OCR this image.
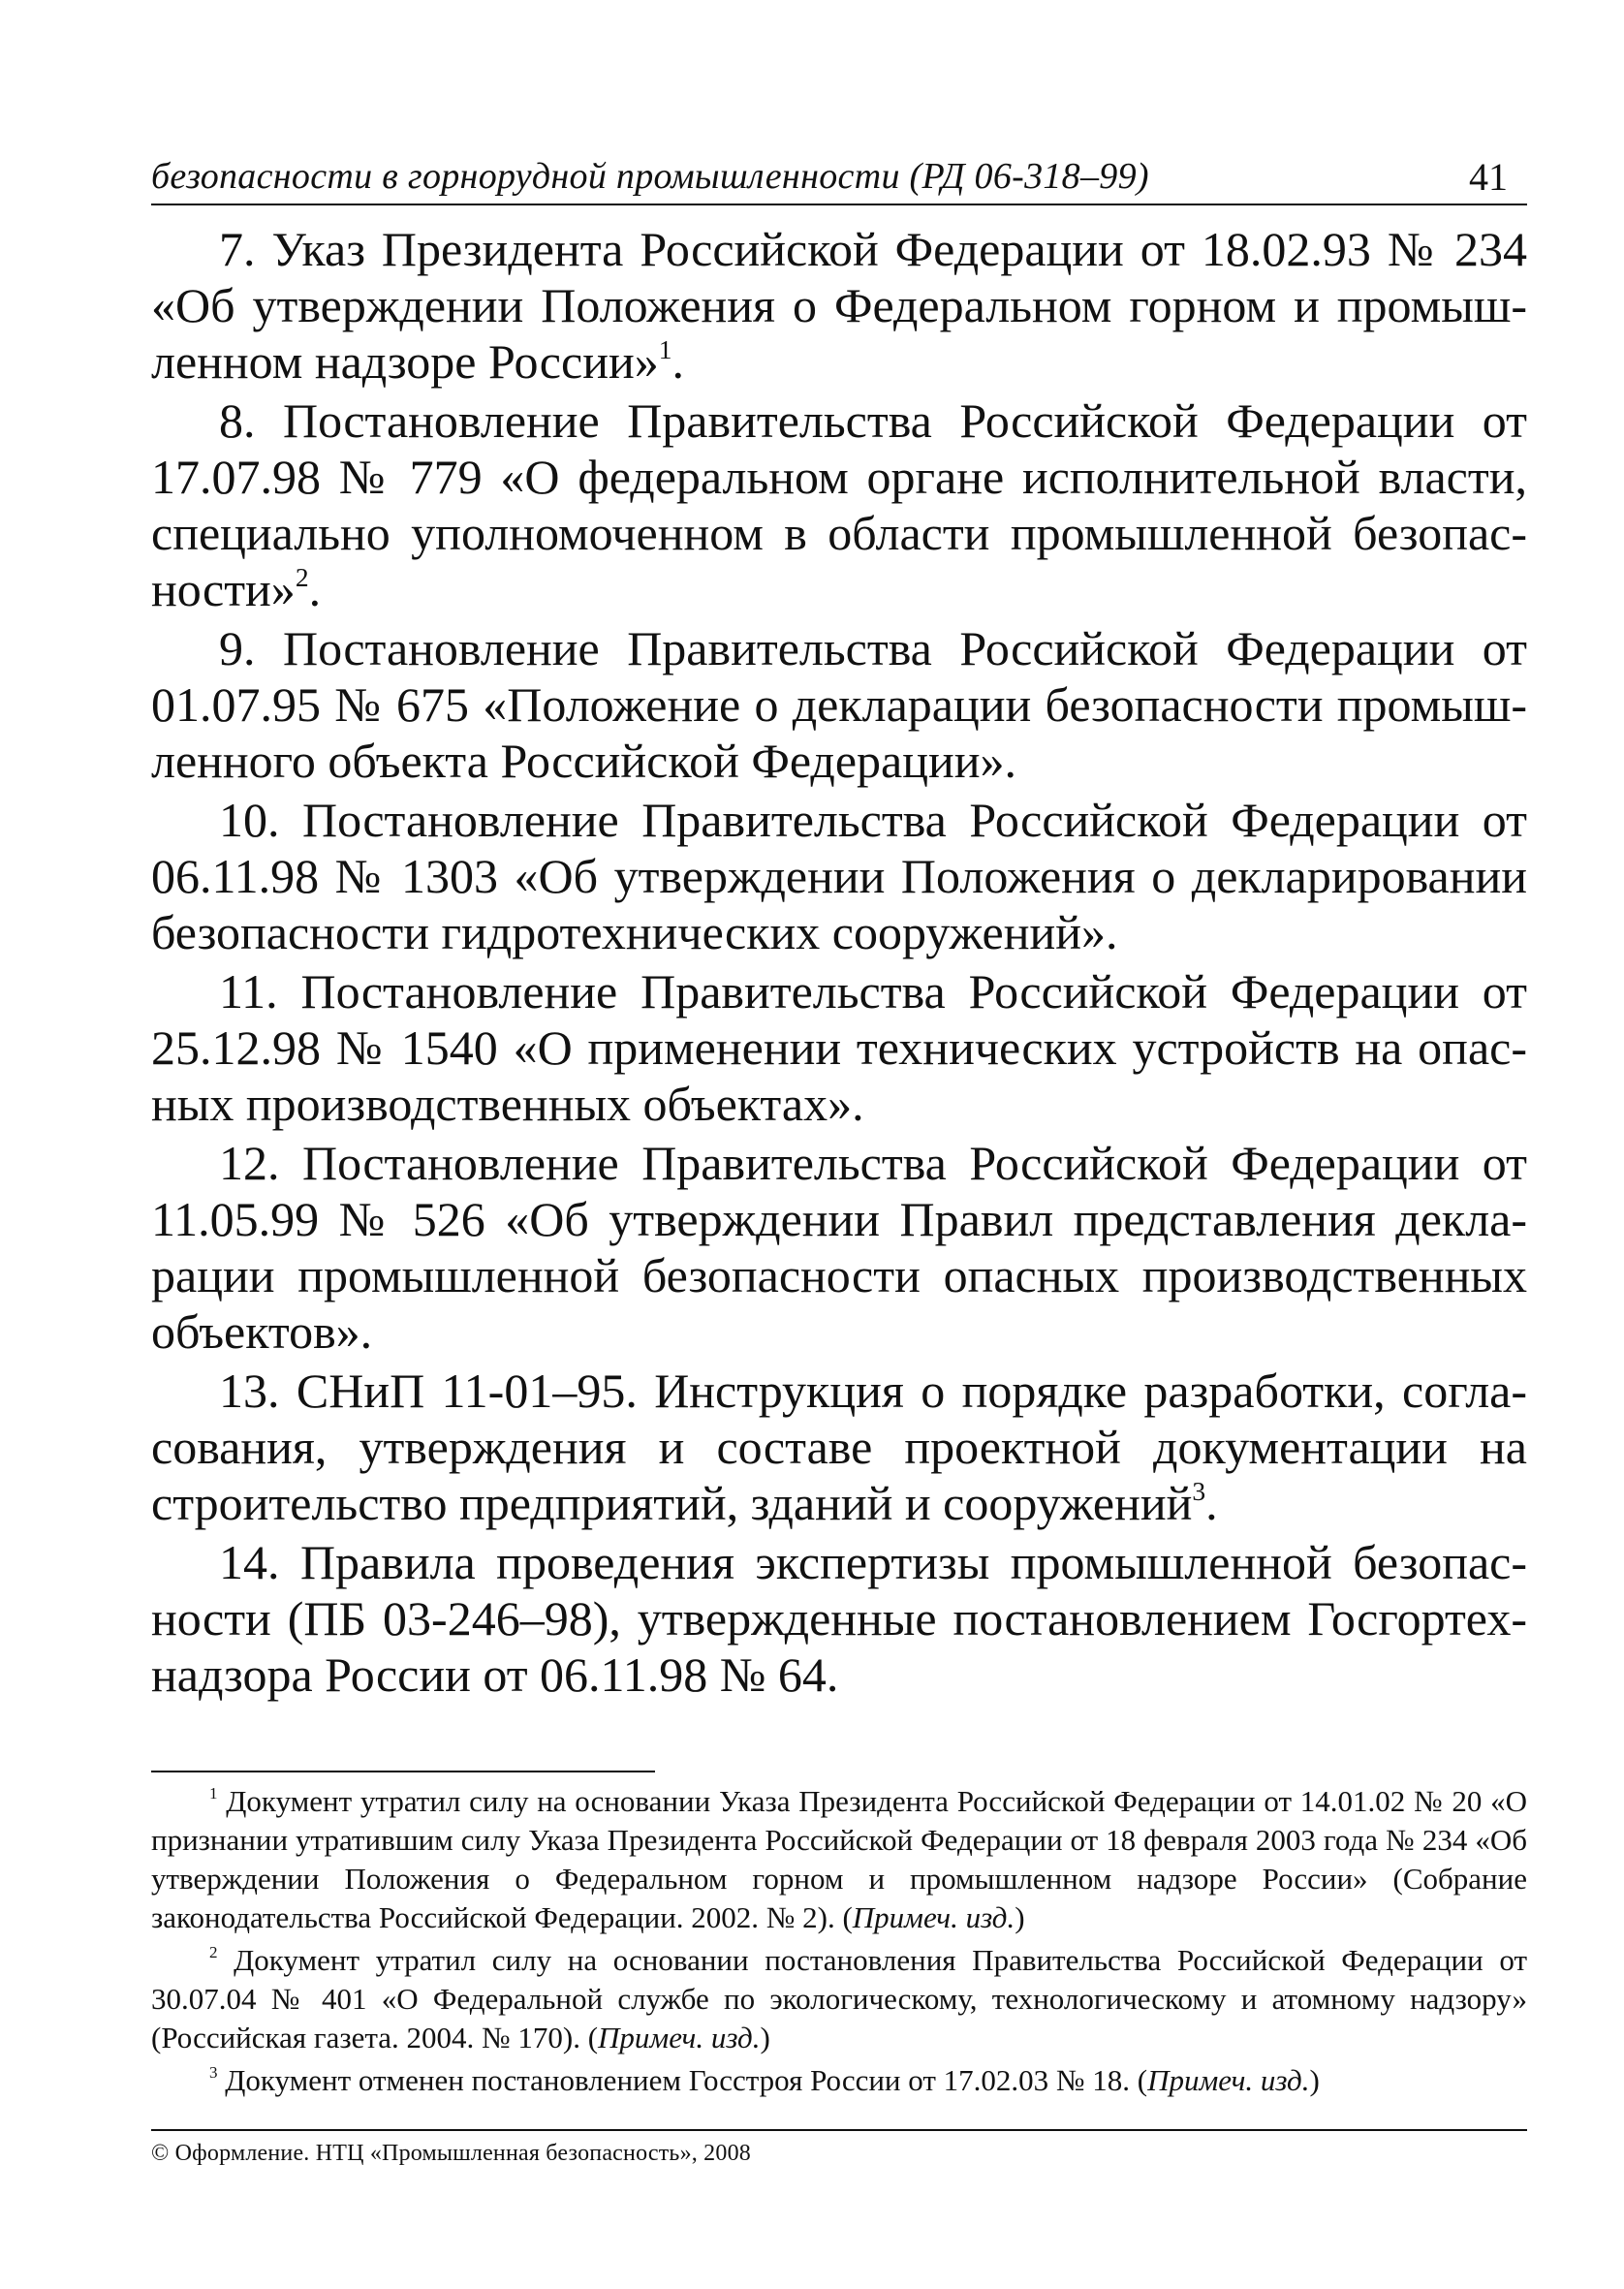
безопасности в горнорудной промышленности (РД 06-318–99)	41

7. Указ Президента Российской Федерации от 18.02.93 № 234 «Об утверждении Положения о Федеральном горном и промышленном надзоре России»$^1$.

8. Постановление Правительства Российской Федерации от 17.07.98 № 779 «О федеральном органе исполнительной власти, специально уполномоченном в области промышленной безопасности»$^2$.

9. Постановление Правительства Российской Федерации от 01.07.95 № 675 «Положение о декларации безопасности промышленного объекта Российской Федерации».

10. Постановление Правительства Российской Федерации от 06.11.98 № 1303 «Об утверждении Положения о декларировании безопасности гидротехнических сооружений».

11. Постановление Правительства Российской Федерации от 25.12.98 № 1540 «О применении технических устройств на опасных производственных объектах».

12. Постановление Правительства Российской Федерации от 11.05.99 № 526 «Об утверждении Правил представления декларации промышленной безопасности опасных производственных объектов».

13. СНиП 11-01–95. Инструкция о порядке разработки, согласования, утверждения и составе проектной документации на строительство предприятий, зданий и сооружений$^3$.

14. Правила проведения экспертизы промышленной безопасности (ПБ 03-246–98), утвержденные постановлением Госгортехнадзора России от 06.11.98 № 64.

$^1$ Документ утратил силу на основании Указа Президента Российской Федерации от 14.01.02 № 20 «О признании утратившим силу Указа Президента Российской Федерации от 18 февраля 2003 года № 234 «Об утверждении Положения о Федеральном горном и промышленном надзоре России» (Собрание законодательства Российской Федерации. 2002. № 2). (Примеч. изд.)

$^2$ Документ утратил силу на основании постановления Правительства Российской Федерации от 30.07.04 № 401 «О Федеральной службе по экологическому, технологическому и атомному надзору» (Российская газета. 2004. № 170). (Примеч. изд.)

$^3$ Документ отменен постановлением Госстроя России от 17.02.03 № 18. (Примеч. изд.)

© Оформление. НТЦ «Промышленная безопасность», 2008
